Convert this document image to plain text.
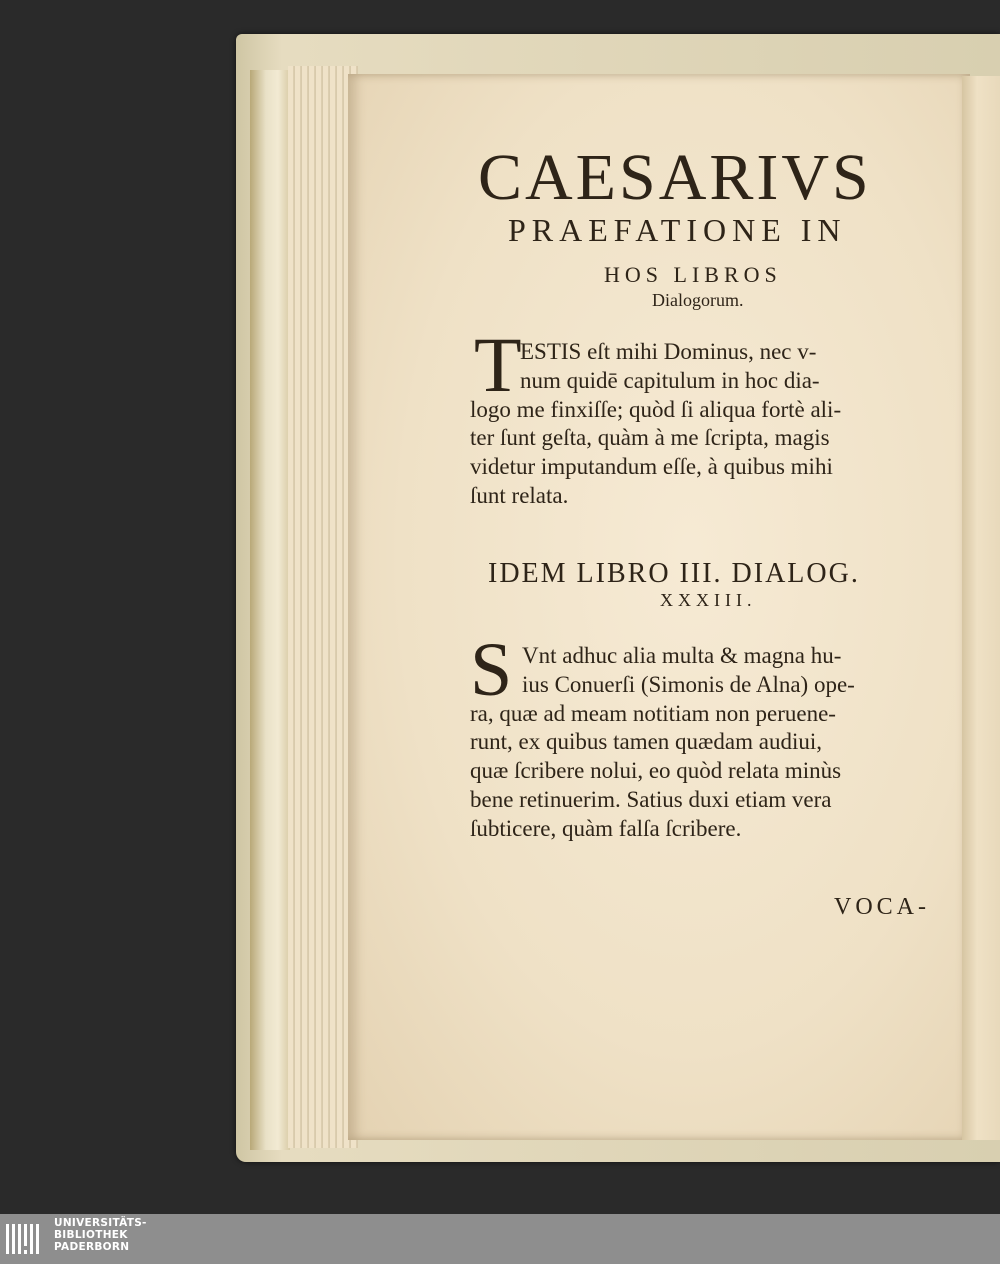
CAESARIVS
PRAEFATIONE IN
HOS LIBROS
Dialogorum.
T
ESTIS eſt mihi Dominus, nec v-
num quidē capitulum in hoc dia-
logo me finxiſſe; quòd ſi aliqua fortè ali-
ter ſunt geſta, quàm à me ſcripta, magis
videtur imputandum eſſe, à quibus mihi
ſunt relata.
IDEM LIBRO III. DIALOG.
XXXIII.
S Vnt adhuc alia multa & magna hu-
ius Conuerſi (Simonis de Alna) ope-
ra, quæ ad meam notitiam non peruene-
runt, ex quibus tamen quædam audiui,
quæ ſcribere nolui, eo quòd relata minùs
bene retinuerim. Satius duxi etiam vera
ſubticere, quàm falſa ſcribere.
VOCA-
UNIVERSITÄTS-
BIBLIOTHEK
PADERBORN
